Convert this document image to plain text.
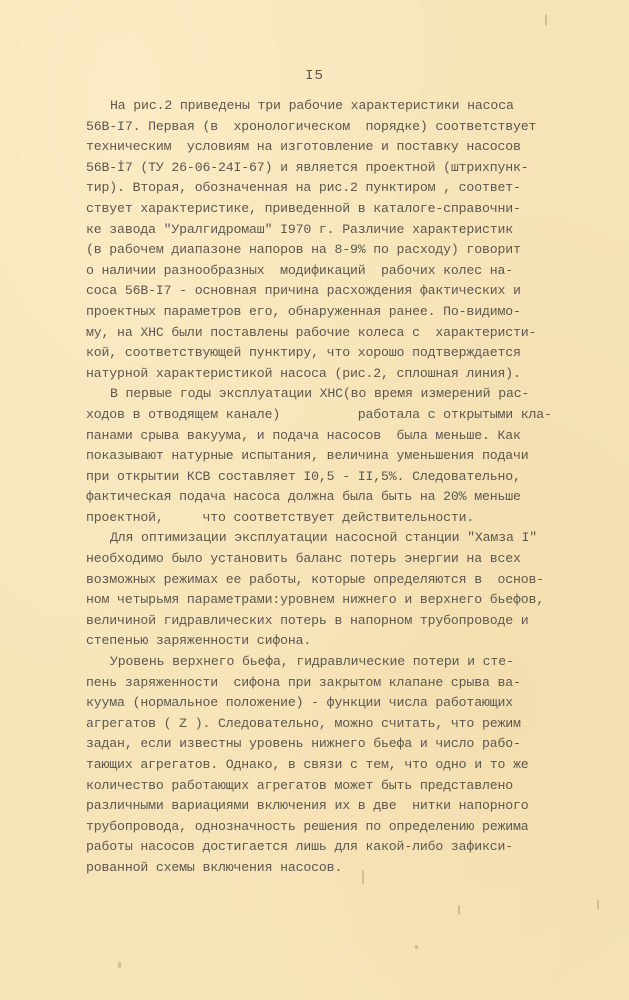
I5
На рис.2 приведены три рабочие характеристики насоса
56В-I7. Первая (в  хронологическом  порядке) соответствует
техническим  условиям на изготовление и поставку насосов
56В-İ7 (ТУ 26-06-24I-67) и является проектной (штрихпунк-
тир). Вторая, обозначенная на рис.2 пунктиром , соответ-
ствует характеристике, приведенной в каталоге-справочни-
ке завода "Уралгидромаш" I970 г. Различие характеристик
(в рабочем диапазоне напоров на 8-9% по расходу) говорит
о наличии разнообразных  модификаций  рабочих колес на-
соса 56В-I7 - основная причина расхождения фактических и
проектных параметров его, обнаруженная ранее. По-видимо-
му, на ХНС были поставлены рабочие колеса с  характеристи-
кой, соответствующей пунктиру, что хорошо подтверждается
натурной характеристикой насоса (рис.2, сплошная линия).
В первые годы эксплуатации ХНС(во время измерений рас-
ходов в отводящем канале)          работала с открытыми кла-
панами срыва вакуума, и подача насосов  была меньше. Как
показывают натурные испытания, величина уменьшения подачи
при открытии КСВ составляет I0,5 - II,5%. Следовательно,
фактическая подача насоса должна была быть на 20% меньше
проектной,     что соответствует действительности.
Для оптимизации эксплуатации насосной станции "Хамза I"
необходимо было установить баланс потерь энергии на всех
возможных режимах ее работы, которые определяются в  основ-
ном четырьмя параметрами:уровнем нижнего и верхнего бьефов,
величиной гидравлических потерь в напорном трубопроводе и
степенью заряженности сифона.
Уровень верхнего бьефа, гидравлические потери и сте-
пень заряженности  сифона при закрытом клапане срыва ва-
куума (нормальное положение) - функции числа работающих
агрегатов ( Z ). Следовательно, можно считать, что режим
задан, если известны уровень нижнего бьефа и число рабо-
тающих агрегатов. Однако, в связи с тем, что одно и то же
количество работающих агрегатов может быть представлено
различными вариациями включения их в две  нитки напорного
трубопровода, однозначность решения по определению режима
работы насосов достигается лишь для какой-либо зафикси-
рованной схемы включения насосов.
